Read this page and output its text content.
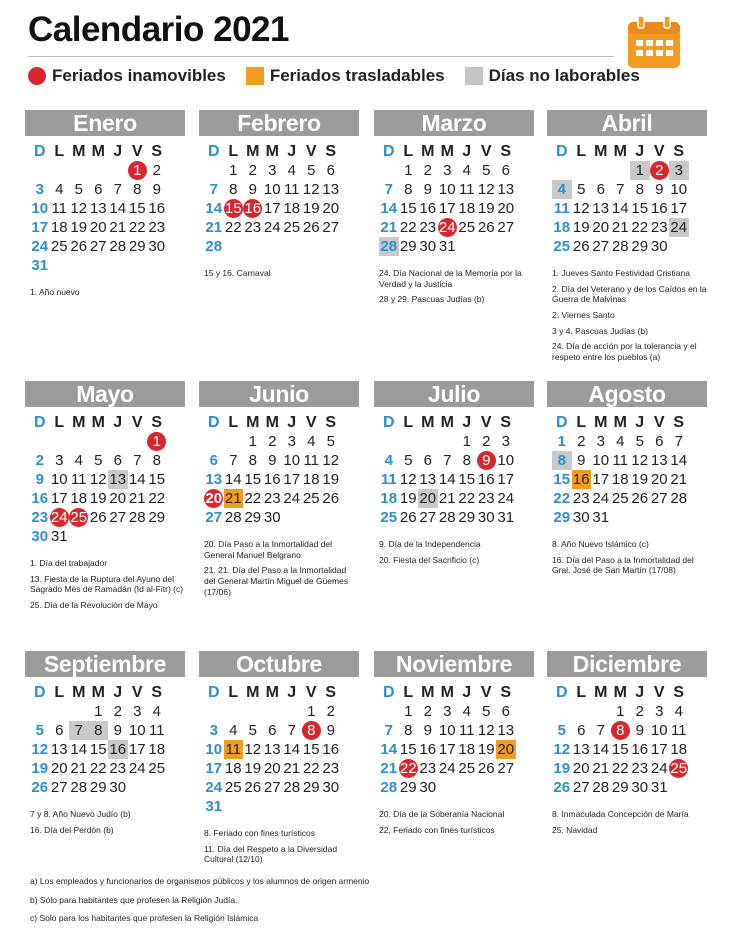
Calendario 2021
Feriados inamovibles	Feriados trasladables	Días no laborables
Enero
D L M M J V S
1 2
3 4 5 6 7 8 9
10 11 12 13 14 15 16
17 18 19 20 21 22 23
24 25 26 27 28 29 30
31

1. Año nuevo

Febrero
D L M M J V S
1 2 3 4 5 6
7 8 9 10 11 12 13
14 15 16 17 18 19 20
21 22 23 24 25 26 27
28

15 y 16. Carnaval

Marzo
D L M M J V S
1 2 3 4 5 6
7 8 9 10 11 12 13
14 15 16 17 18 19 20
21 22 23 24 25 26 27
28 29 30 31

24. Día Nacional de la Memoria por la Verdad y la Justicia

28 y 29. Pascuas Judías (b)

Abril
D L M M J V S
1 2 3
4 5 6 7 8 9 10
11 12 13 14 15 16 17
18 19 20 21 22 23 24
25 26 27 28 29 30

1. Jueves Santo Festividad Cristiana

2. Día del Veterano y de los Caídos en la Guerra de Malvinas

2. Viernes Santo

3 y 4. Pascuas Judías (b)

24. Día de acción por la tolerancia y el respeto entre los pueblos (a)

Mayo
D L M M J V S
1
2 3 4 5 6 7 8
9 10 11 12 13 14 15
16 17 18 19 20 21 22
23 24 25 26 27 28 29
30 31

1. Día del trabajador

13. Fiesta de la Ruptura del Ayuno del Sagrado Mes de Ramadán (Id al-Fitr) (c)

25. Día de la Revolución de Mayo

Junio
D L M M J V S
1 2 3 4 5
6 7 8 9 10 11 12
13 14 15 16 17 18 19
20 21 22 23 24 25 26
27 28 29 30

20. Día Paso a la Inmortalidad del General Manuel Belgrano

21. 21. Día del Paso a la Inmortalidad del General Martín Miguel de Güemes (17/06)

Julio
D L M M J V S
1 2 3
4 5 6 7 8 9 10
11 12 13 14 15 16 17
18 19 20 21 22 23 24
25 26 27 28 29 30 31

9. Día de la Independencia

20. Fiesta del Sacrificio (c)

Agosto
D L M M J V S
1 2 3 4 5 6 7
8 9 10 11 12 13 14
15 16 17 18 19 20 21
22 23 24 25 26 27 28
29 30 31

8. Año Nuevo Islámico (c)

16. Día del Paso a la Inmortalidad del Gral. José de San Martín (17/08)

Septiembre
D L M M J V S
1 2 3 4
5 6 7 8 9 10 11
12 13 14 15 16 17 18
19 20 21 22 23 24 25
26 27 28 29 30

7 y 8. Año Nuevo Judío (b)

16. Día del Perdón (b)

Octubre
D L M M J V S
1 2
3 4 5 6 7 8 9
10 11 12 13 14 15 16
17 18 19 20 21 22 23
24 25 26 27 28 29 30
31

8. Feriado con fines turísticos

11. Día del Respeto a la Diversidad Cultural (12/10)

Noviembre
D L M M J V S
1 2 3 4 5 6
7 8 9 10 11 12 13
14 15 16 17 18 19 20
21 22 23 24 25 26 27
28 29 30

20. Día de la Soberanía Nacional

22. Feriado con fines turísticos

Diciembre
D L M M J V S
1 2 3 4
5 6 7 8 9 10 11
12 13 14 15 16 17 18
19 20 21 22 23 24 25
26 27 28 29 30 31

8. Inmaculada Concepción de María

25. Navidad

a) Los empleados y funcionarios de organismos públicos y los alumnos de origen armenio

b) Sólo para habitantes que profesen la Religión Judía.

c) Solo para los habitantes que profesen la Religión Islámica
